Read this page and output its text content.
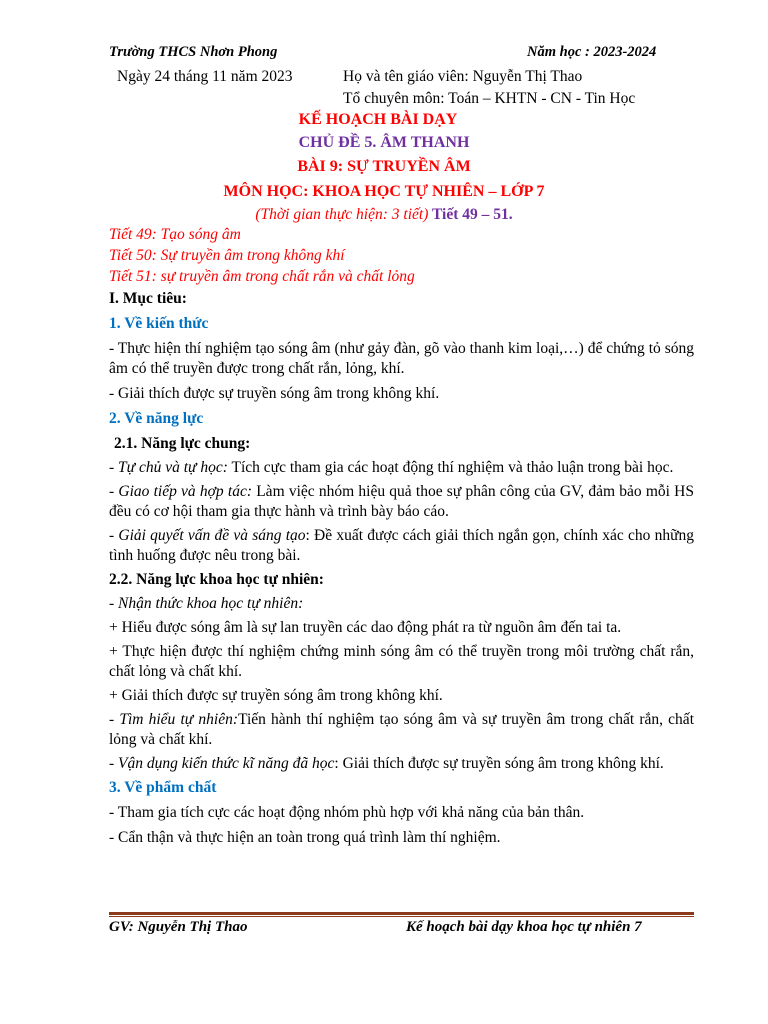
Trường THCS Nhơn Phong	Năm học : 2023-2024
Ngày 24 tháng 11 năm 2023	Họ và tên giáo viên: Nguyễn Thị Thao
Tổ chuyên môn: Toán – KHTN - CN - Tin Học
KẾ HOẠCH BÀI DẠY
CHỦ ĐỀ 5. ÂM THANH
BÀI 9: SỰ TRUYỀN ÂM
MÔN HỌC: KHOA HỌC TỰ NHIÊN – LỚP 7
(Thời gian thực hiện: 3 tiết) Tiết 49 – 51.
Tiết 49: Tạo sóng âm
Tiết 50: Sự truyền âm trong không khí
Tiết 51: sự truyền âm trong chất rắn và chất lỏng

I. Mục tiêu:

1. Về kiến thức

- Thực hiện thí nghiệm tạo sóng âm (như gảy đàn, gõ vào thanh kim loại,…) để chứng tỏ sóng âm có thể truyền được trong chất rắn, lỏng, khí.

- Giải thích được sự truyền sóng âm trong không khí.

2. Về năng lực

2.1. Năng lực chung:

- Tự chủ và tự học: Tích cực tham gia các hoạt động thí nghiệm và thảo luận trong bài học.

- Giao tiếp và hợp tác: Làm việc nhóm hiệu quả thoe sự phân công của GV, đảm bảo mỗi HS đều có cơ hội tham gia thực hành và trình bày báo cáo.

- Giải quyết vấn đề và sáng tạo: Đề xuất được cách giải thích ngắn gọn, chính xác cho những tình huống được nêu trong bài.

2.2. Năng lực khoa học tự nhiên:

- Nhận thức khoa học tự nhiên:

+ Hiểu được sóng âm là sự lan truyền các dao động phát ra từ nguồn âm đến tai ta.

+ Thực hiện được thí nghiệm chứng minh sóng âm có thể truyền trong môi trường chất rắn, chất lỏng và chất khí.

+ Giải thích được sự truyền sóng âm trong không khí.

- Tìm hiểu tự nhiên:Tiến hành thí nghiệm tạo sóng âm và sự truyền âm trong chất rắn, chất lỏng và chất khí.

- Vận dụng kiến thức kĩ năng đã học: Giải thích được sự truyền sóng âm trong không khí.

3. Về phẩm chất

- Tham gia tích cực các hoạt động nhóm phù hợp với khả năng của bản thân.

- Cẩn thận và thực hiện an toàn trong quá trình làm thí nghiệm.

GV: Nguyễn Thị Thao	Kế hoạch bài dạy khoa học tự nhiên 7
